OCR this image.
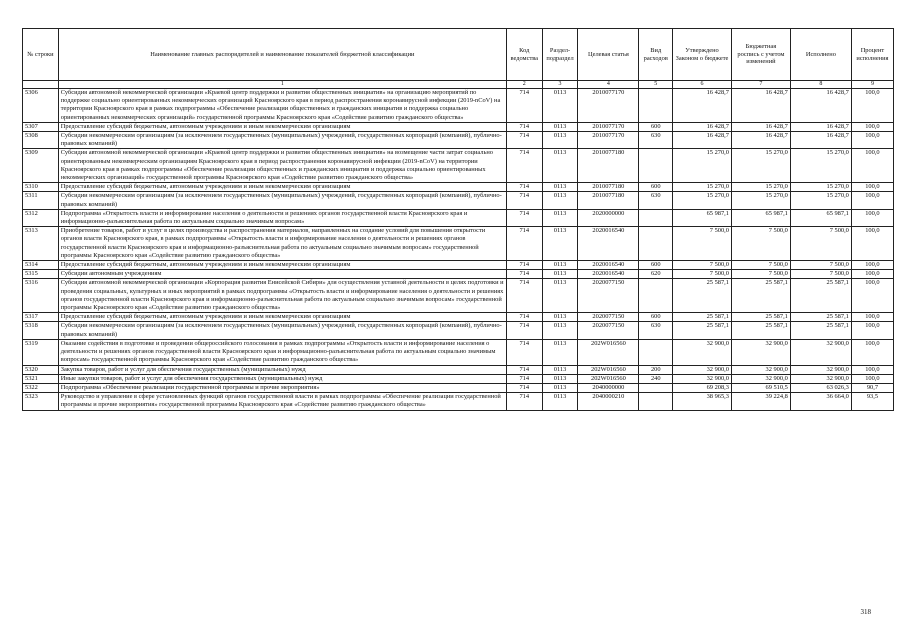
№ строки	Наименование главных распорядителей и наименование показателей бюджетной классификации	Код ведомства	Раздел-подраздел	Целевая статья	Вид расходов	Утверждено Законом о бюджете	Бюджетная роспись с учетом изменений	Исполнено	Процент исполнения
	1	2	3	4	5	6	7	8	9
5306	Субсидия автономной некоммерческой организации «Краевой центр поддержки и развития общественных инициатив» на организацию мероприятий по поддержке социально ориентированных некоммерческих организаций Красноярского края в период распространения коронавирусной инфекции (2019-nCoV) на территории Красноярского края в рамках подпрограммы «Обеспечение реализации общественных и гражданских инициатив и поддержка социально ориентированных некоммерческих организаций» государственной программы Красноярского края «Содействие развитию гражданского общества»	714	0113	2010077170		16 428,7	16 428,7	16 428,7	100,0
5307	Предоставление субсидий бюджетным, автономным учреждениям и иным некоммерческим организациям	714	0113	2010077170	600	16 428,7	16 428,7	16 428,7	100,0
5308	Субсидии некоммерческим организациям (за исключением государственных (муниципальных) учреждений, государственных корпораций (компаний), публично-правовых компаний)	714	0113	2010077170	630	16 428,7	16 428,7	16 428,7	100,0
5309	Субсидия автономной некоммерческой организации «Краевой центр поддержки и развития общественных инициатив» на возмещение части затрат социально ориентированным некоммерческим организациям Красноярского края в период распространения коронавирусной инфекции (2019-nCoV) на территории Красноярского края в рамках подпрограммы «Обеспечение реализации общественных и гражданских инициатив и поддержка социально ориентированных некоммерческих организаций» государственной программы Красноярского края «Содействие развитию гражданского общества»	714	0113	2010077180		15 270,0	15 270,0	15 270,0	100,0
5310	Предоставление субсидий бюджетным, автономным учреждениям и иным некоммерческим организациям	714	0113	2010077180	600	15 270,0	15 270,0	15 270,0	100,0
5311	Субсидии некоммерческим организациям (за исключением государственных (муниципальных) учреждений, государственных корпораций (компаний), публично-правовых компаний)	714	0113	2010077180	630	15 270,0	15 270,0	15 270,0	100,0
5312	Подпрограмма «Открытость власти и информирование населения о деятельности и решениях органов государственной власти Красноярского края и информационно-разъяснительная работа по актуальным социально значимым вопросам»	714	0113	2020000000		65 987,1	65 987,1	65 987,1	100,0
5313	Приобретение товаров, работ и услуг в целях производства и распространения материалов, направленных на создание условий для повышения открытости органов власти Красноярского края, в рамках подпрограммы «Открытость власти и информирование населения о деятельности и решениях органов государственной власти Красноярского края и информационно-разъяснительная работа по актуальным социально значимым вопросам» государственной программы Красноярского края «Содействие развитию гражданского общества»	714	0113	2020016540		7 500,0	7 500,0	7 500,0	100,0
5314	Предоставление субсидий бюджетным, автономным учреждениям и иным некоммерческим организациям	714	0113	2020016540	600	7 500,0	7 500,0	7 500,0	100,0
5315	Субсидии автономным учреждениям	714	0113	2020016540	620	7 500,0	7 500,0	7 500,0	100,0
5316	Субсидия автономной некоммерческой организации «Корпорация развития Енисейской Сибири» для осуществления уставной деятельности в целях подготовки и проведения социальных, культурных и иных мероприятий в рамках подпрограммы «Открытость власти и информирование населения о деятельности и решениях органов государственной власти Красноярского края и информационно-разъяснительная работа по актуальным социально значимым вопросам» государственной программы Красноярского края «Содействие развитию гражданского общества»	714	0113	2020077150		25 587,1	25 587,1	25 587,1	100,0
5317	Предоставление субсидий бюджетным, автономным учреждениям и иным некоммерческим организациям	714	0113	2020077150	600	25 587,1	25 587,1	25 587,1	100,0
5318	Субсидии некоммерческим организациям (за исключением государственных (муниципальных) учреждений, государственных корпораций (компаний), публично-правовых компаний)	714	0113	2020077150	630	25 587,1	25 587,1	25 587,1	100,0
5319	Оказание содействия в подготовке и проведении общероссийского голосования в рамках подпрограммы «Открытость власти и информирование населения о деятельности и решениях органов государственной власти Красноярского края и информационно-разъяснительная работа по актуальным социально значимым вопросам» государственной программы Красноярского края «Содействие развитию гражданского общества»	714	0113	202W016560		32 900,0	32 900,0	32 900,0	100,0
5320	Закупка товаров, работ и услуг для обеспечения государственных (муниципальных) нужд	714	0113	202W016560	200	32 900,0	32 900,0	32 900,0	100,0
5321	Иные закупки товаров, работ и услуг для обеспечения государственных (муниципальных) нужд	714	0113	202W016560	240	32 900,0	32 900,0	32 900,0	100,0
5322	Подпрограмма «Обеспечение реализации государственной программы и прочие мероприятия»	714	0113	2040000000		69 208,3	69 510,5	63 026,3	90,7
5323	Руководство и управление в сфере установленных функций органов государственной власти в рамках подпрограммы «Обеспечение реализации государственной программы и прочие мероприятия» государственной программы Красноярского края «Содействие развитию гражданского общества»	714	0113	2040000210		38 965,3	39 224,8	36 664,0	93,5
318
